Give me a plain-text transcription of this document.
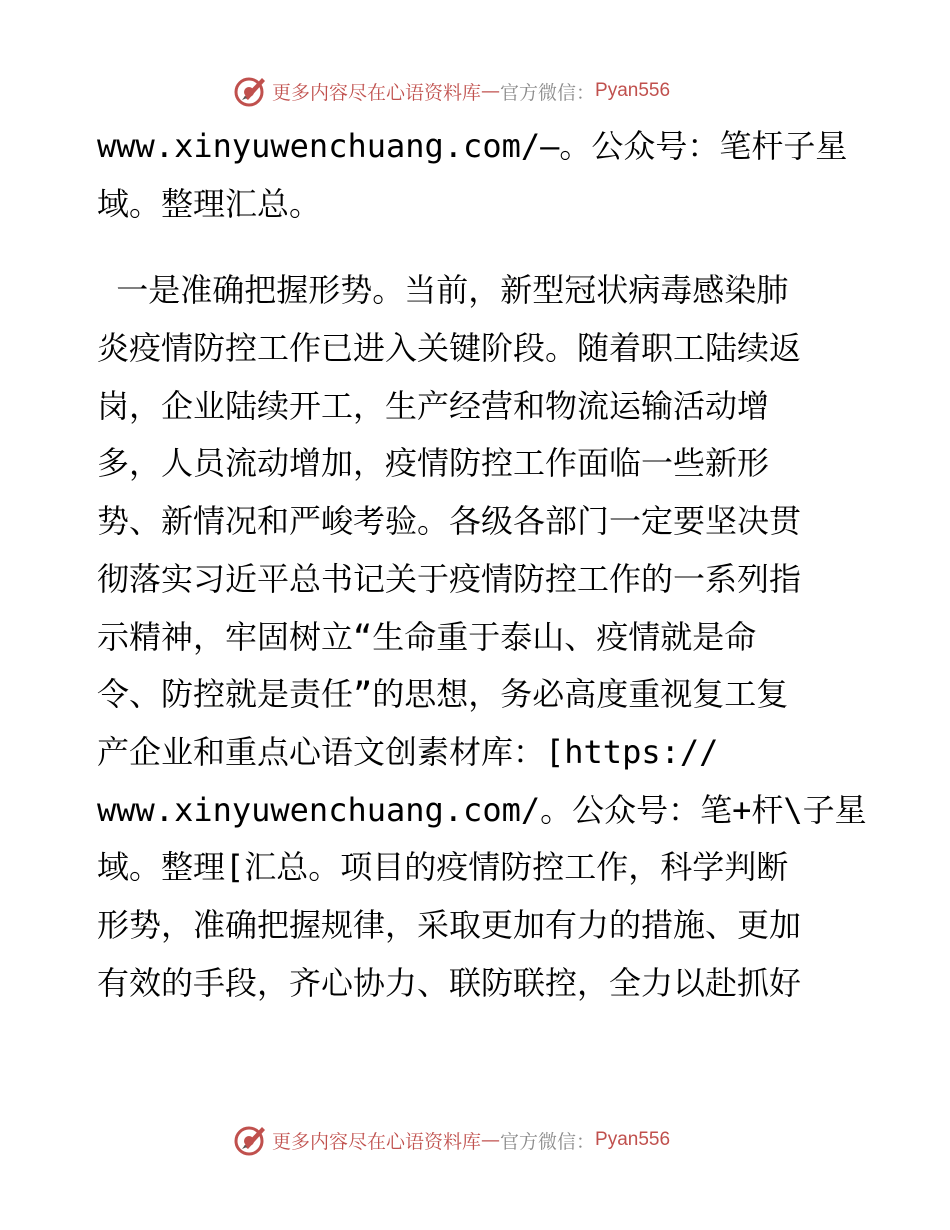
更多内容尽在心语资料库 — 官方微信： Pyan556
www.xinyuwenchuang.com/—。公众号：笔杆子星
域。整理汇总。
一是准确把握形势。当前，新型冠状病毒感染肺
炎疫情防控工作已进入关键阶段。随着职工陆续返
岗，企业陆续开工，生产经营和物流运输活动增
多，人员流动增加，疫情防控工作面临一些新形
势、新情况和严峻考验。各级各部门一定要坚决贯
彻落实习近平总书记关于疫情防控工作的一系列指
示精神，牢固树立“生命重于泰山、疫情就是命
令、防控就是责任”的思想，务必高度重视复工复
产企业和重点心语文创素材库：[https://
www.xinyuwenchuang.com/。公众号：笔+杆\子星
域。整理[汇总。项目的疫情防控工作，科学判断
形势，准确把握规律，采取更加有力的措施、更加
有效的手段，齐心协力、联防联控，全力以赴抓好
更多内容尽在心语资料库 — 官方微信： Pyan556
